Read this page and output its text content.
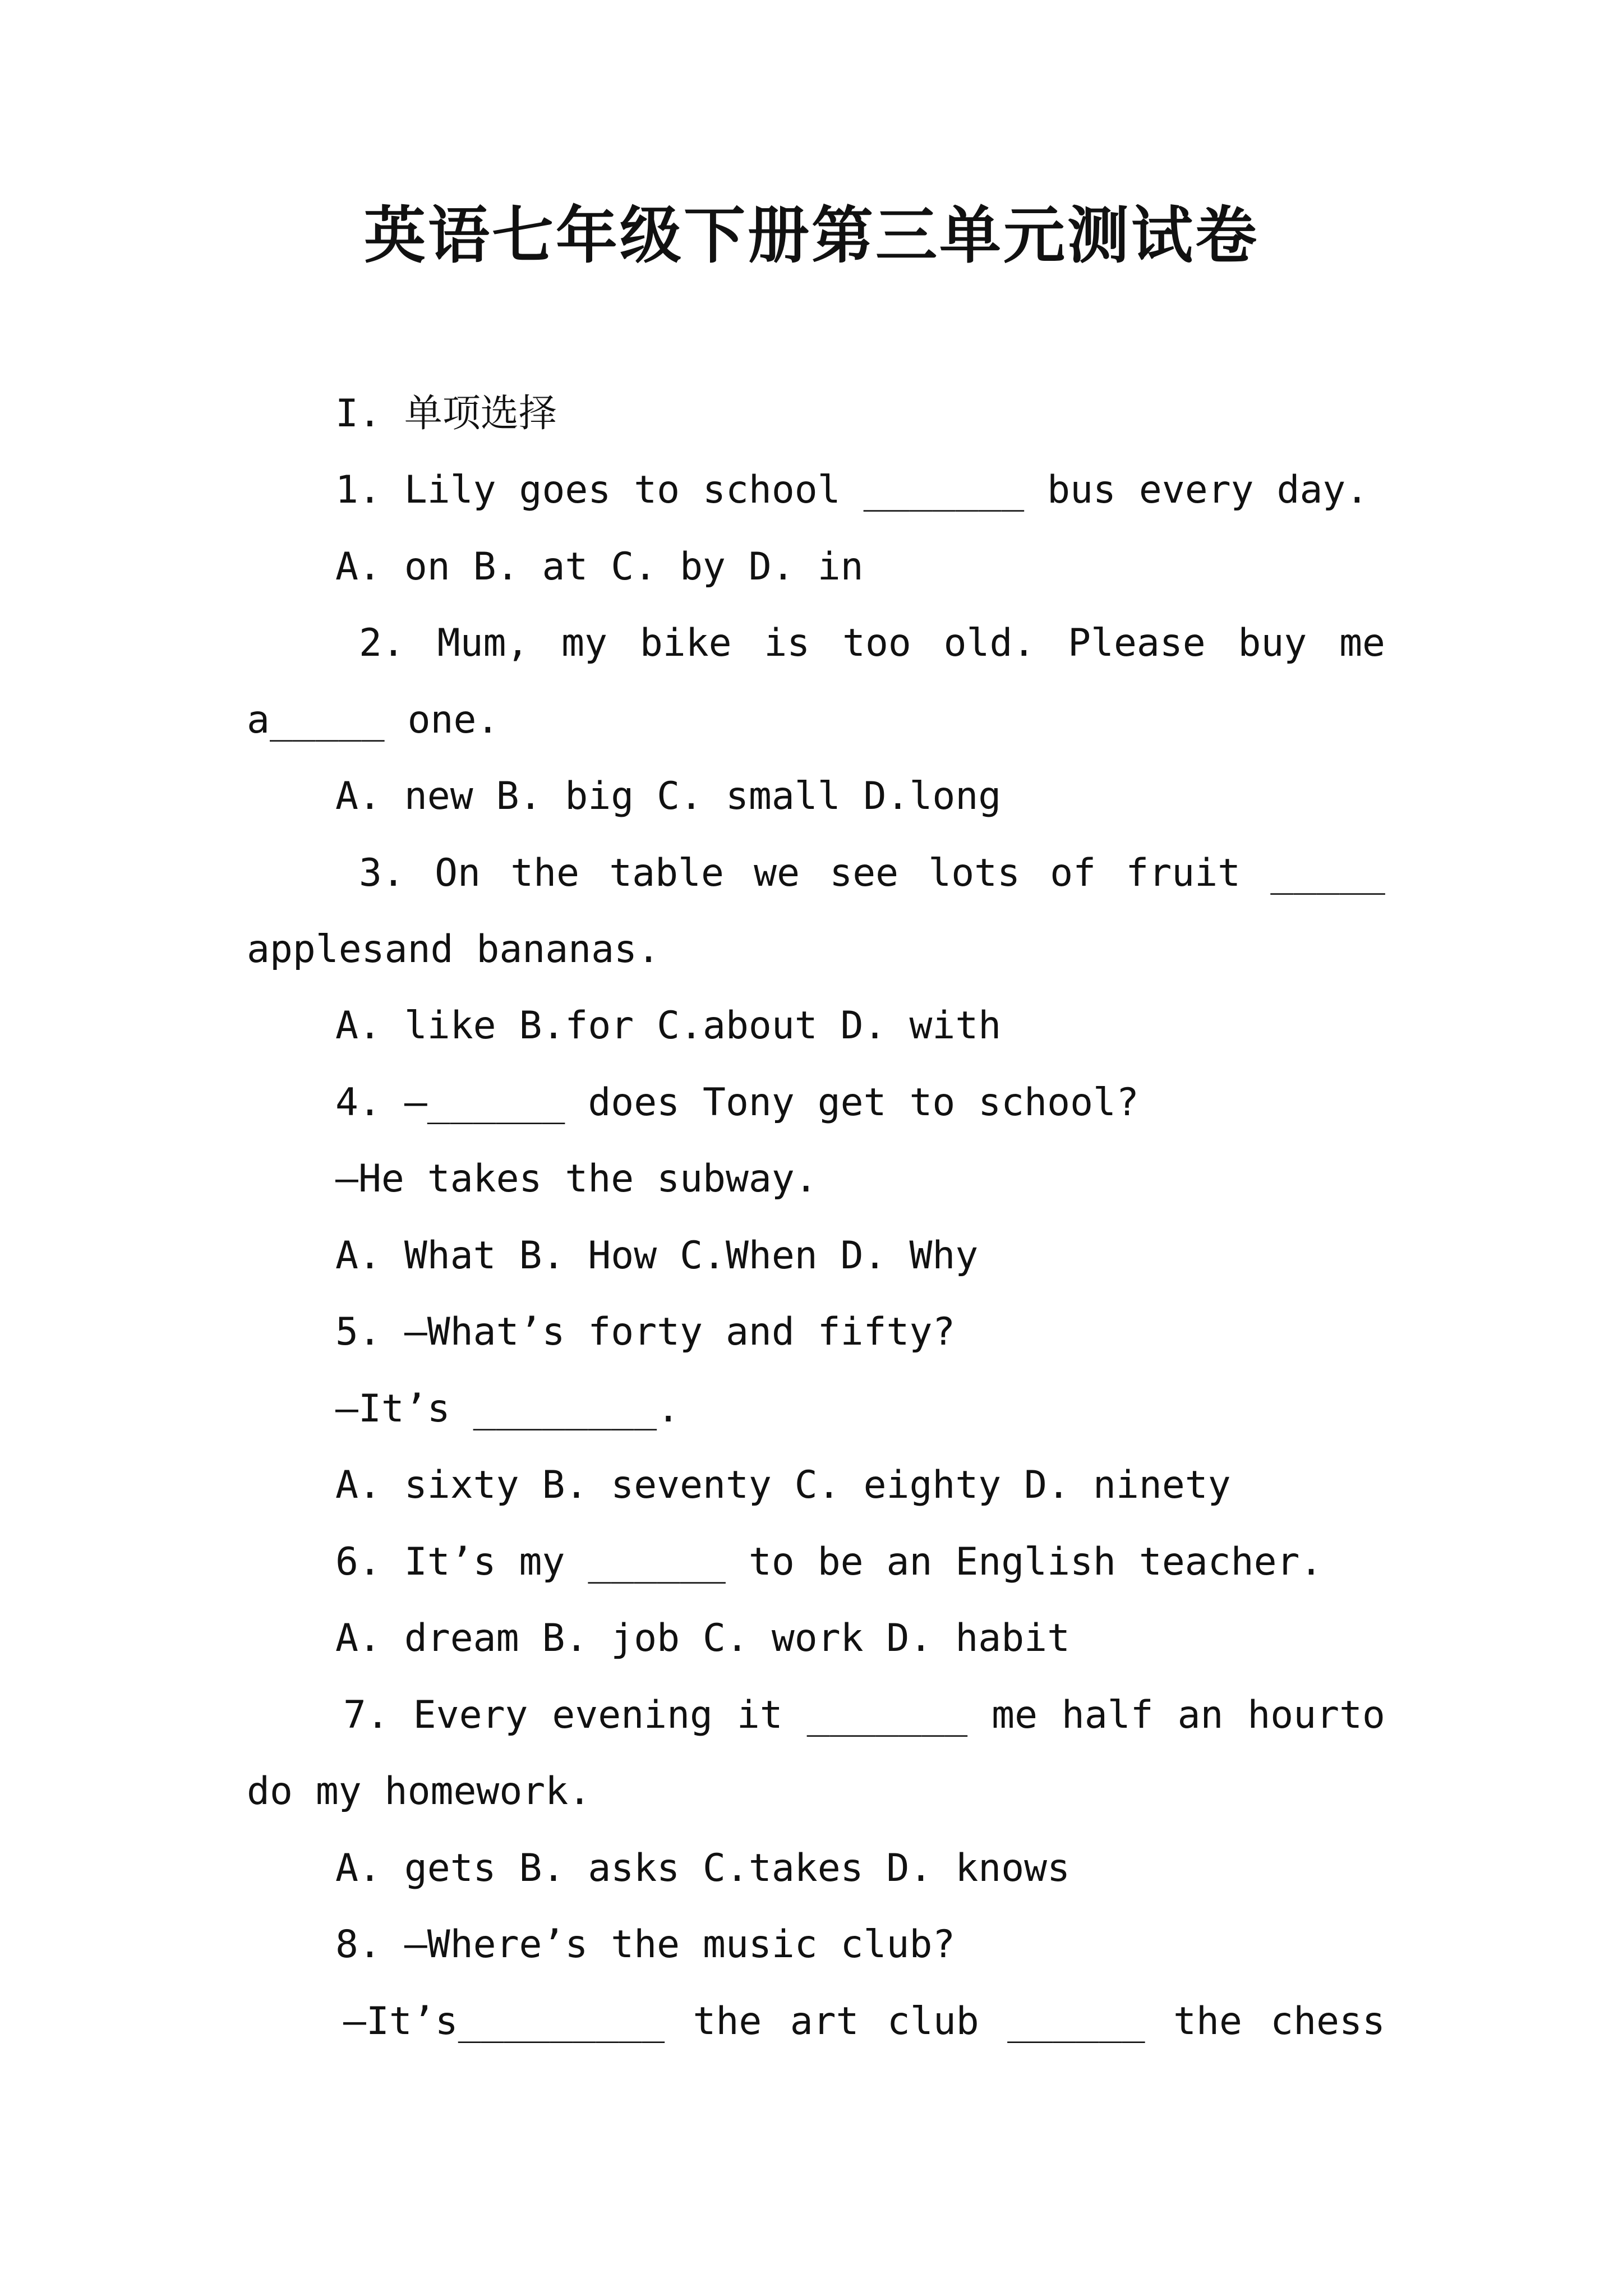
英语七年级下册第三单元测试卷
I. 单项选择
1. Lily goes to school _______ bus every day.
A. on B. at C. by D. in
2. Mum, my bike is too old. Please buy me
a_____ one.
A. new B. big C. small D.long
3. On the table we see lots of fruit _____
applesand bananas.
A. like B.for C.about D. with
4. —______ does Tony get to school?
—He takes the subway.
A. What B. How C.When D. Why
5. —What’s forty and fifty?
—It’s ________.
A. sixty B. seventy C. eighty D. ninety
6. It’s my ______ to be an English teacher.
A. dream B. job C. work D. habit
7. Every evening it _______ me half an hourto
do my homework.
A. gets B. asks C.takes D. knows
8. —Where’s the music club?
—It’s_________ the art club ______ the chess
